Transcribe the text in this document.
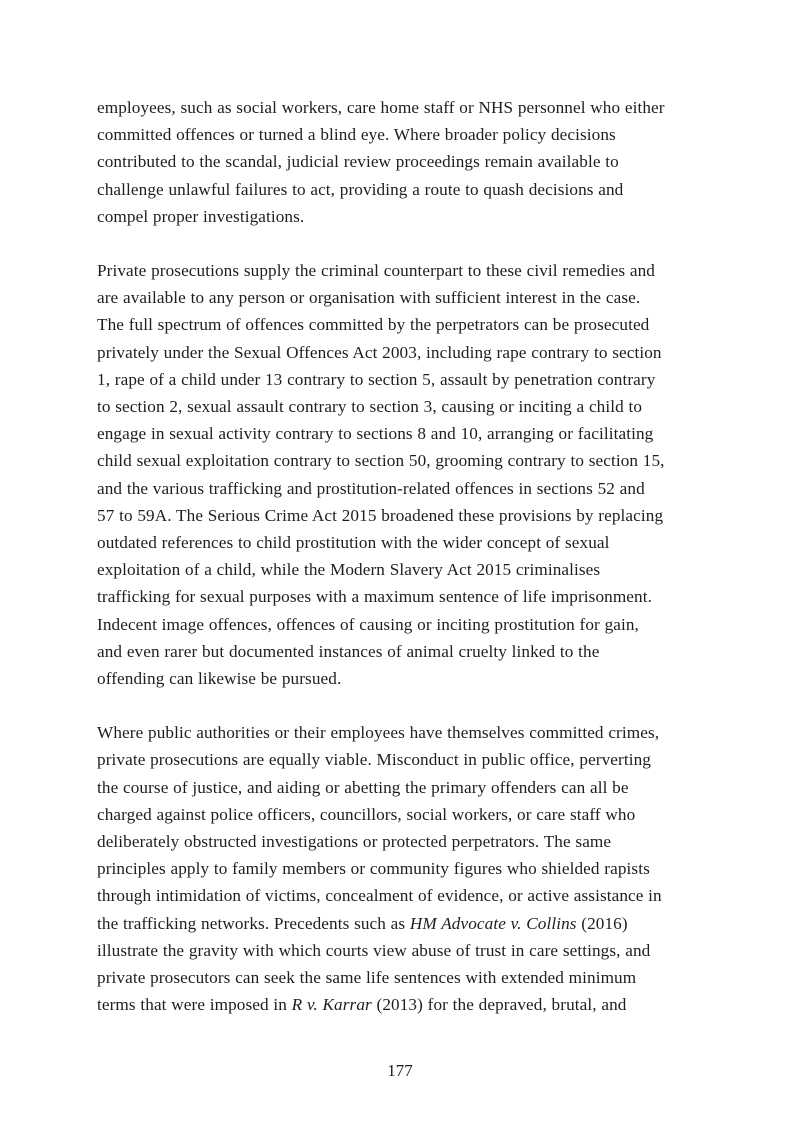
employees, such as social workers, care home staff or NHS personnel who either
committed offences or turned a blind eye. Where broader policy decisions
contributed to the scandal, judicial review proceedings remain available to
challenge unlawful failures to act, providing a route to quash decisions and
compel proper investigations.

Private prosecutions supply the criminal counterpart to these civil remedies and
are available to any person or organisation with sufficient interest in the case.
The full spectrum of offences committed by the perpetrators can be prosecuted
privately under the Sexual Offences Act 2003, including rape contrary to section
1, rape of a child under 13 contrary to section 5, assault by penetration contrary
to section 2, sexual assault contrary to section 3, causing or inciting a child to
engage in sexual activity contrary to sections 8 and 10, arranging or facilitating
child sexual exploitation contrary to section 50, grooming contrary to section 15,
and the various trafficking and prostitution-related offences in sections 52 and
57 to 59A. The Serious Crime Act 2015 broadened these provisions by replacing
outdated references to child prostitution with the wider concept of sexual
exploitation of a child, while the Modern Slavery Act 2015 criminalises
trafficking for sexual purposes with a maximum sentence of life imprisonment.
Indecent image offences, offences of causing or inciting prostitution for gain,
and even rarer but documented instances of animal cruelty linked to the
offending can likewise be pursued.

Where public authorities or their employees have themselves committed crimes,
private prosecutions are equally viable. Misconduct in public office, perverting
the course of justice, and aiding or abetting the primary offenders can all be
charged against police officers, councillors, social workers, or care staff who
deliberately obstructed investigations or protected perpetrators. The same
principles apply to family members or community figures who shielded rapists
through intimidation of victims, concealment of evidence, or active assistance in
the trafficking networks. Precedents such as HM Advocate v. Collins (2016)
illustrate the gravity with which courts view abuse of trust in care settings, and
private prosecutors can seek the same life sentences with extended minimum
terms that were imposed in R v. Karrar (2013) for the depraved, brutal, and

177
